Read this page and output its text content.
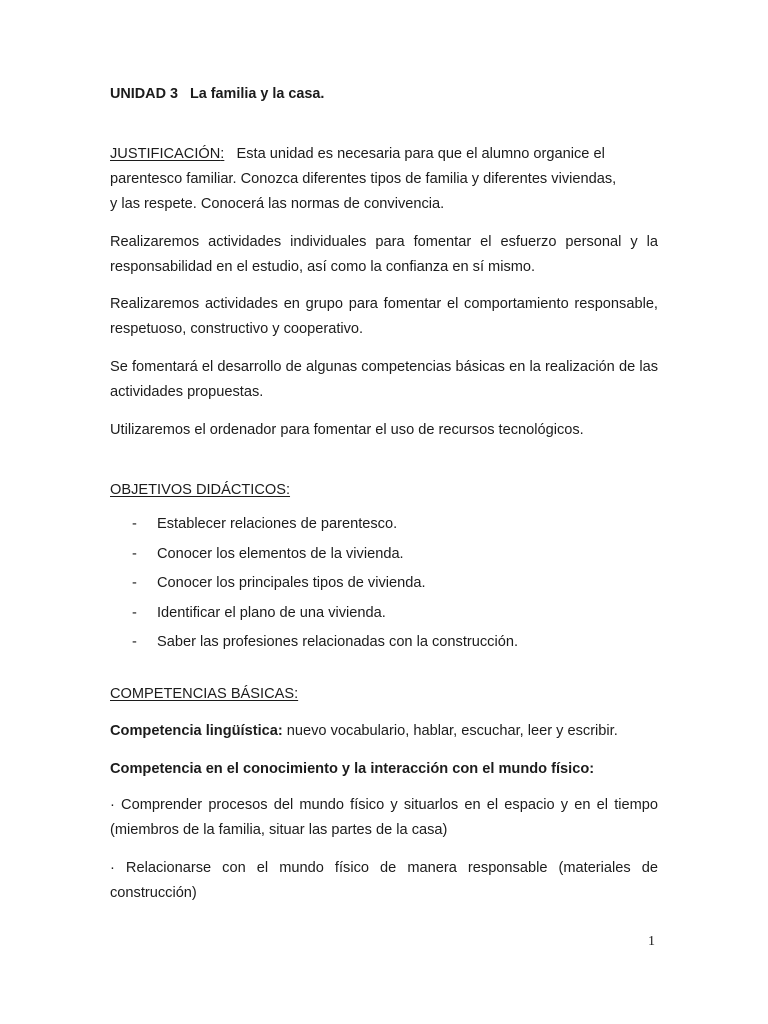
UNIDAD 3 La familia y la casa.
JUSTIFICACIÓN: Esta unidad es necesaria para que el alumno organice el
parentesco familiar. Conozca diferentes tipos de familia y diferentes viviendas,
y las respete. Conocerá las normas de convivencia.
Realizaremos actividades individuales para fomentar el esfuerzo personal y la responsabilidad en el estudio, así como la confianza en sí mismo.
Realizaremos actividades en grupo para fomentar el comportamiento responsable, respetuoso, constructivo y cooperativo.
Se fomentará el desarrollo de algunas competencias básicas en la realización de las actividades propuestas.
Utilizaremos el ordenador para fomentar el uso de recursos tecnológicos.
OBJETIVOS DIDÁCTICOS:
- Establecer relaciones de parentesco.
- Conocer los elementos de la vivienda.
- Conocer los principales tipos de vivienda.
- Identificar el plano de una vivienda.
- Saber las profesiones relacionadas con la construcción.
COMPETENCIAS BÁSICAS:
Competencia lingüística: nuevo vocabulario, hablar, escuchar, leer y escribir.
Competencia en el conocimiento y la interacción con el mundo físico:
· Comprender procesos del mundo físico y situarlos en el espacio y en el tiempo (miembros de la familia, situar las partes de la casa)
· Relacionarse con el mundo físico de manera responsable (materiales de construcción)
1
